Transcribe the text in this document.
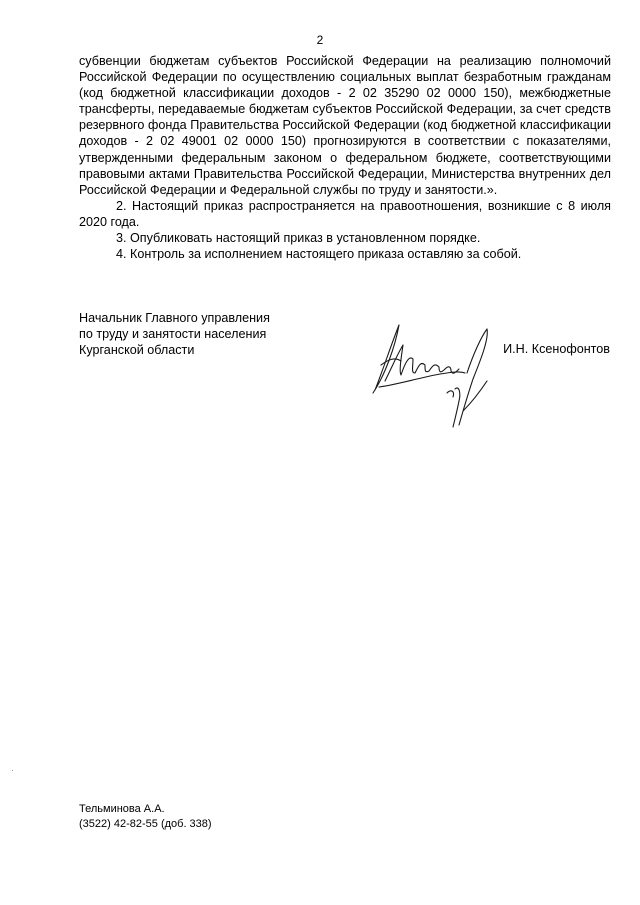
2

субвенции бюджетам субъектов Российской Федерации на реализацию полномочий Российской Федерации по осуществлению социальных выплат безработным гражданам (код бюджетной классификации доходов - 2 02 35290 02 0000 150), межбюджетные трансферты, передаваемые бюджетам субъектов Российской Федерации, за счет средств резервного фонда Правительства Российской Федерации (код бюджетной классификации доходов - 2 02 49001 02 0000 150) прогнозируются в соответствии с показателями, утвержденными федеральным законом о федеральном бюджете, соответствующими правовыми актами Правительства Российской Федерации, Министерства внутренних дел Российской Федерации и Федеральной службы по труду и занятости.».

2. Настоящий приказ распространяется на правоотношения, возникшие с 8 июля 2020 года.

3. Опубликовать настоящий приказ в установленном порядке.

4. Контроль за исполнением настоящего приказа оставляю за собой.

Начальник Главного управления
по труду и занятости населения
Курганской области	И.Н. Ксенофонтов
Тельминова А.А.
(3522) 42-82-55 (доб. 338)
